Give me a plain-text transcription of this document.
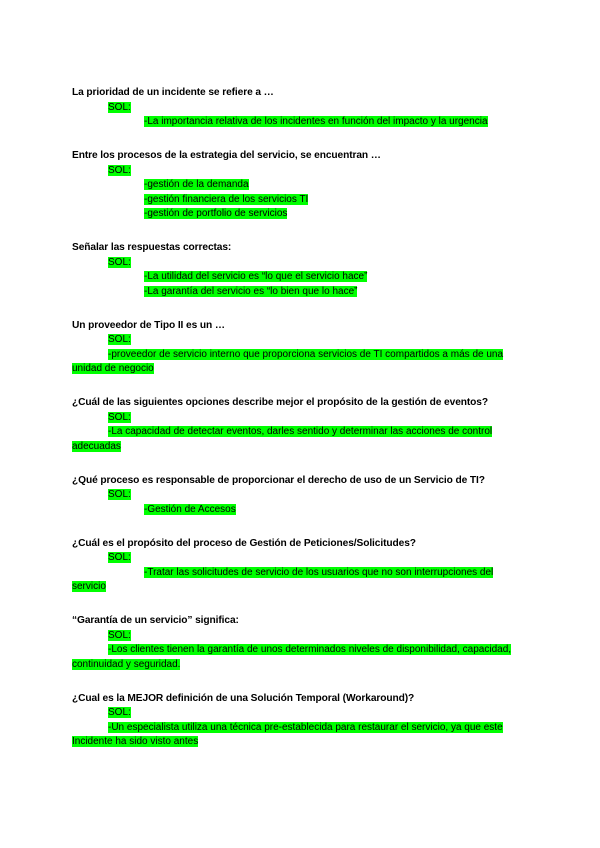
La prioridad de un incidente se refiere a …
SOL:
-La importancia relativa de los incidentes en función del impacto y la urgencia
Entre los procesos de la estrategia del servicio, se encuentran …
SOL:
-gestión de la demanda
-gestión financiera de los servicios TI
-gestión de portfolio de servicios
Señalar las respuestas correctas:
SOL:
-La utilidad del servicio es “lo que el servicio hace”
-La garantía del servicio es “lo bien que lo hace”
Un proveedor de Tipo II es un …
SOL:
-proveedor de servicio interno que proporciona servicios de TI compartidos a más de una unidad de negocio
¿Cuál de las siguientes opciones describe mejor el propósito de la gestión de eventos?
SOL:
-La capacidad de detectar eventos, darles sentido y determinar las acciones de control adecuadas
¿Qué proceso es responsable de proporcionar el derecho de uso de un Servicio de TI?
SOL:
-Gestión de Accesos
¿Cuál es el propósito del proceso de Gestión de Peticiones/Solicitudes?
SOL:
-Tratar las solicitudes de servicio de los usuarios que no son interrupciones del servicio
“Garantía de un servicio” significa:
SOL:
-Los clientes tienen la garantía de unos determinados niveles de disponibilidad, capacidad, continuidad y seguridad.
¿Cual es la MEJOR definición de una Solución Temporal (Workaround)?
SOL:
-Un especialista utiliza una técnica pre-establecida para restaurar el servicio, ya que este Incidente ha sido visto antes
